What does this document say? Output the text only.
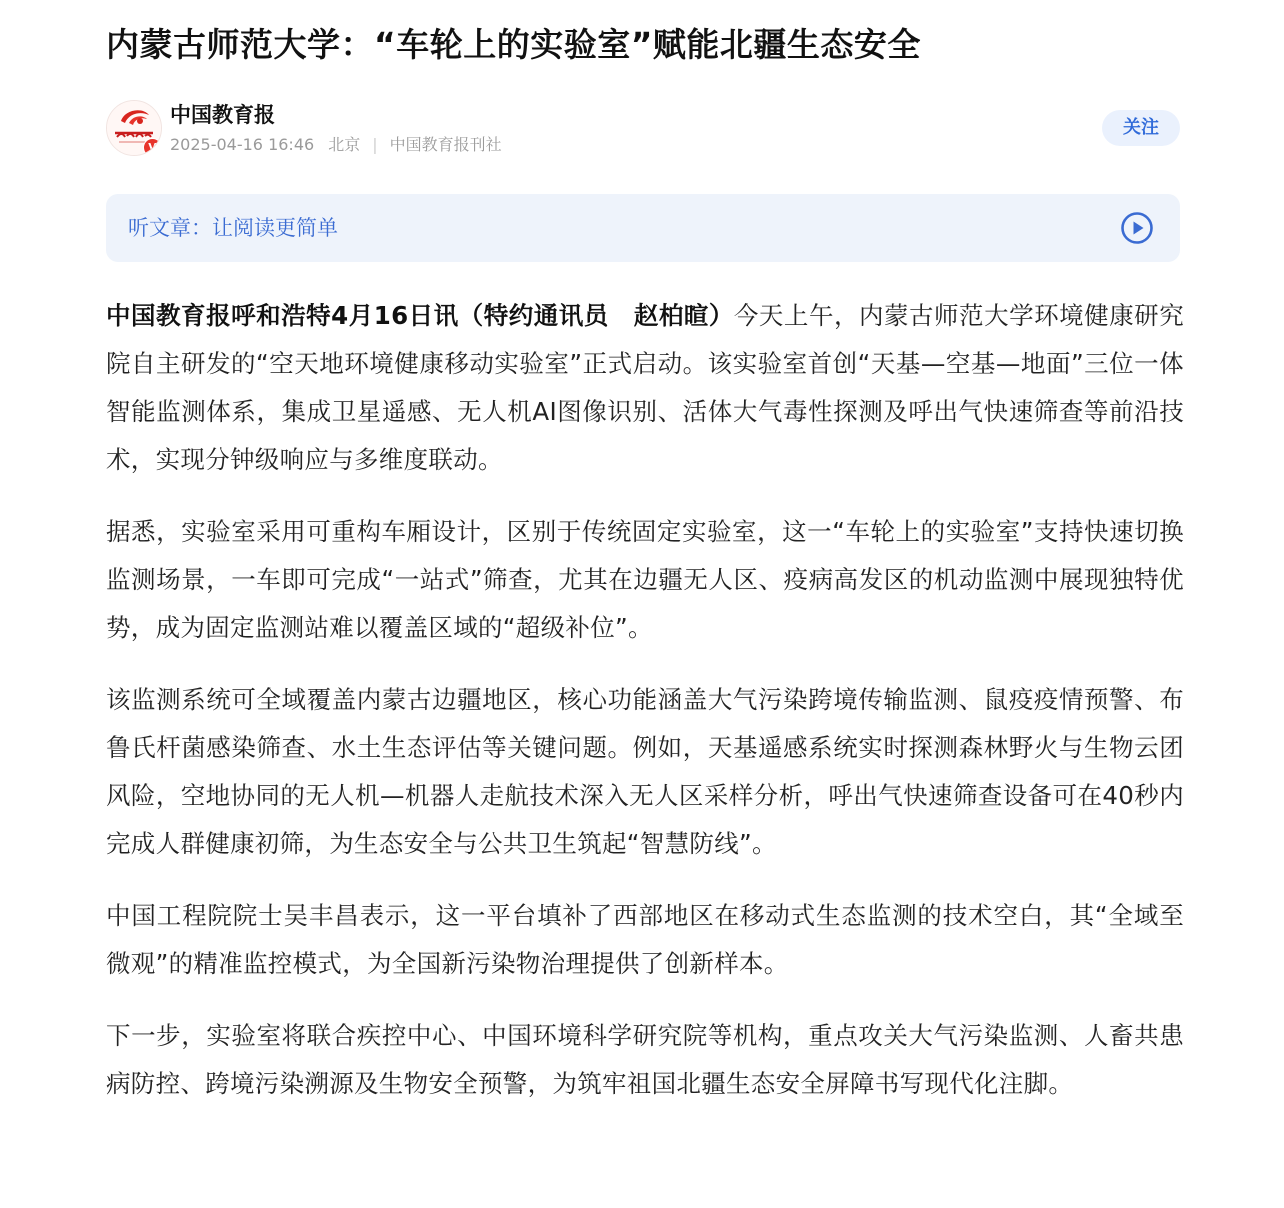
内蒙古师范大学：“车轮上的实验室”赋能北疆生态安全
V
中国教育报
2025-04-16 16:46 北京 | 中国教育报刊社
关注
听文章：让阅读更简单

中国教育报呼和浩特4月16日讯（特约通讯员　赵柏暄）今天上午，内蒙古师范大学环境健康研究院自主研发的“空天地环境健康移动实验室”正式启动。该实验室首创“天基—空基—地面”三位一体智能监测体系，集成卫星遥感、无人机AI图像识别、活体大气毒性探测及呼出气快速筛查等前沿技术，实现分钟级响应与多维度联动。

据悉，实验室采用可重构车厢设计，区别于传统固定实验室，这一“车轮上的实验室”支持快速切换监测场景，一车即可完成“一站式”筛查，尤其在边疆无人区、疫病高发区的机动监测中展现独特优势，成为固定监测站难以覆盖区域的“超级补位”。

该监测系统可全域覆盖内蒙古边疆地区，核心功能涵盖大气污染跨境传输监测、鼠疫疫情预警、布鲁氏杆菌感染筛查、水土生态评估等关键问题。例如，天基遥感系统实时探测森林野火与生物云团风险，空地协同的无人机—机器人走航技术深入无人区采样分析，呼出气快速筛查设备可在40秒内完成人群健康初筛，为生态安全与公共卫生筑起“智慧防线”。

中国工程院院士吴丰昌表示，这一平台填补了西部地区在移动式生态监测的技术空白，其“全域至微观”的精准监控模式，为全国新污染物治理提供了创新样本。

下一步，实验室将联合疾控中心、中国环境科学研究院等机构，重点攻关大气污染监测、人畜共患病防控、跨境污染溯源及生物安全预警，为筑牢祖国北疆生态安全屏障书写现代化注脚。
